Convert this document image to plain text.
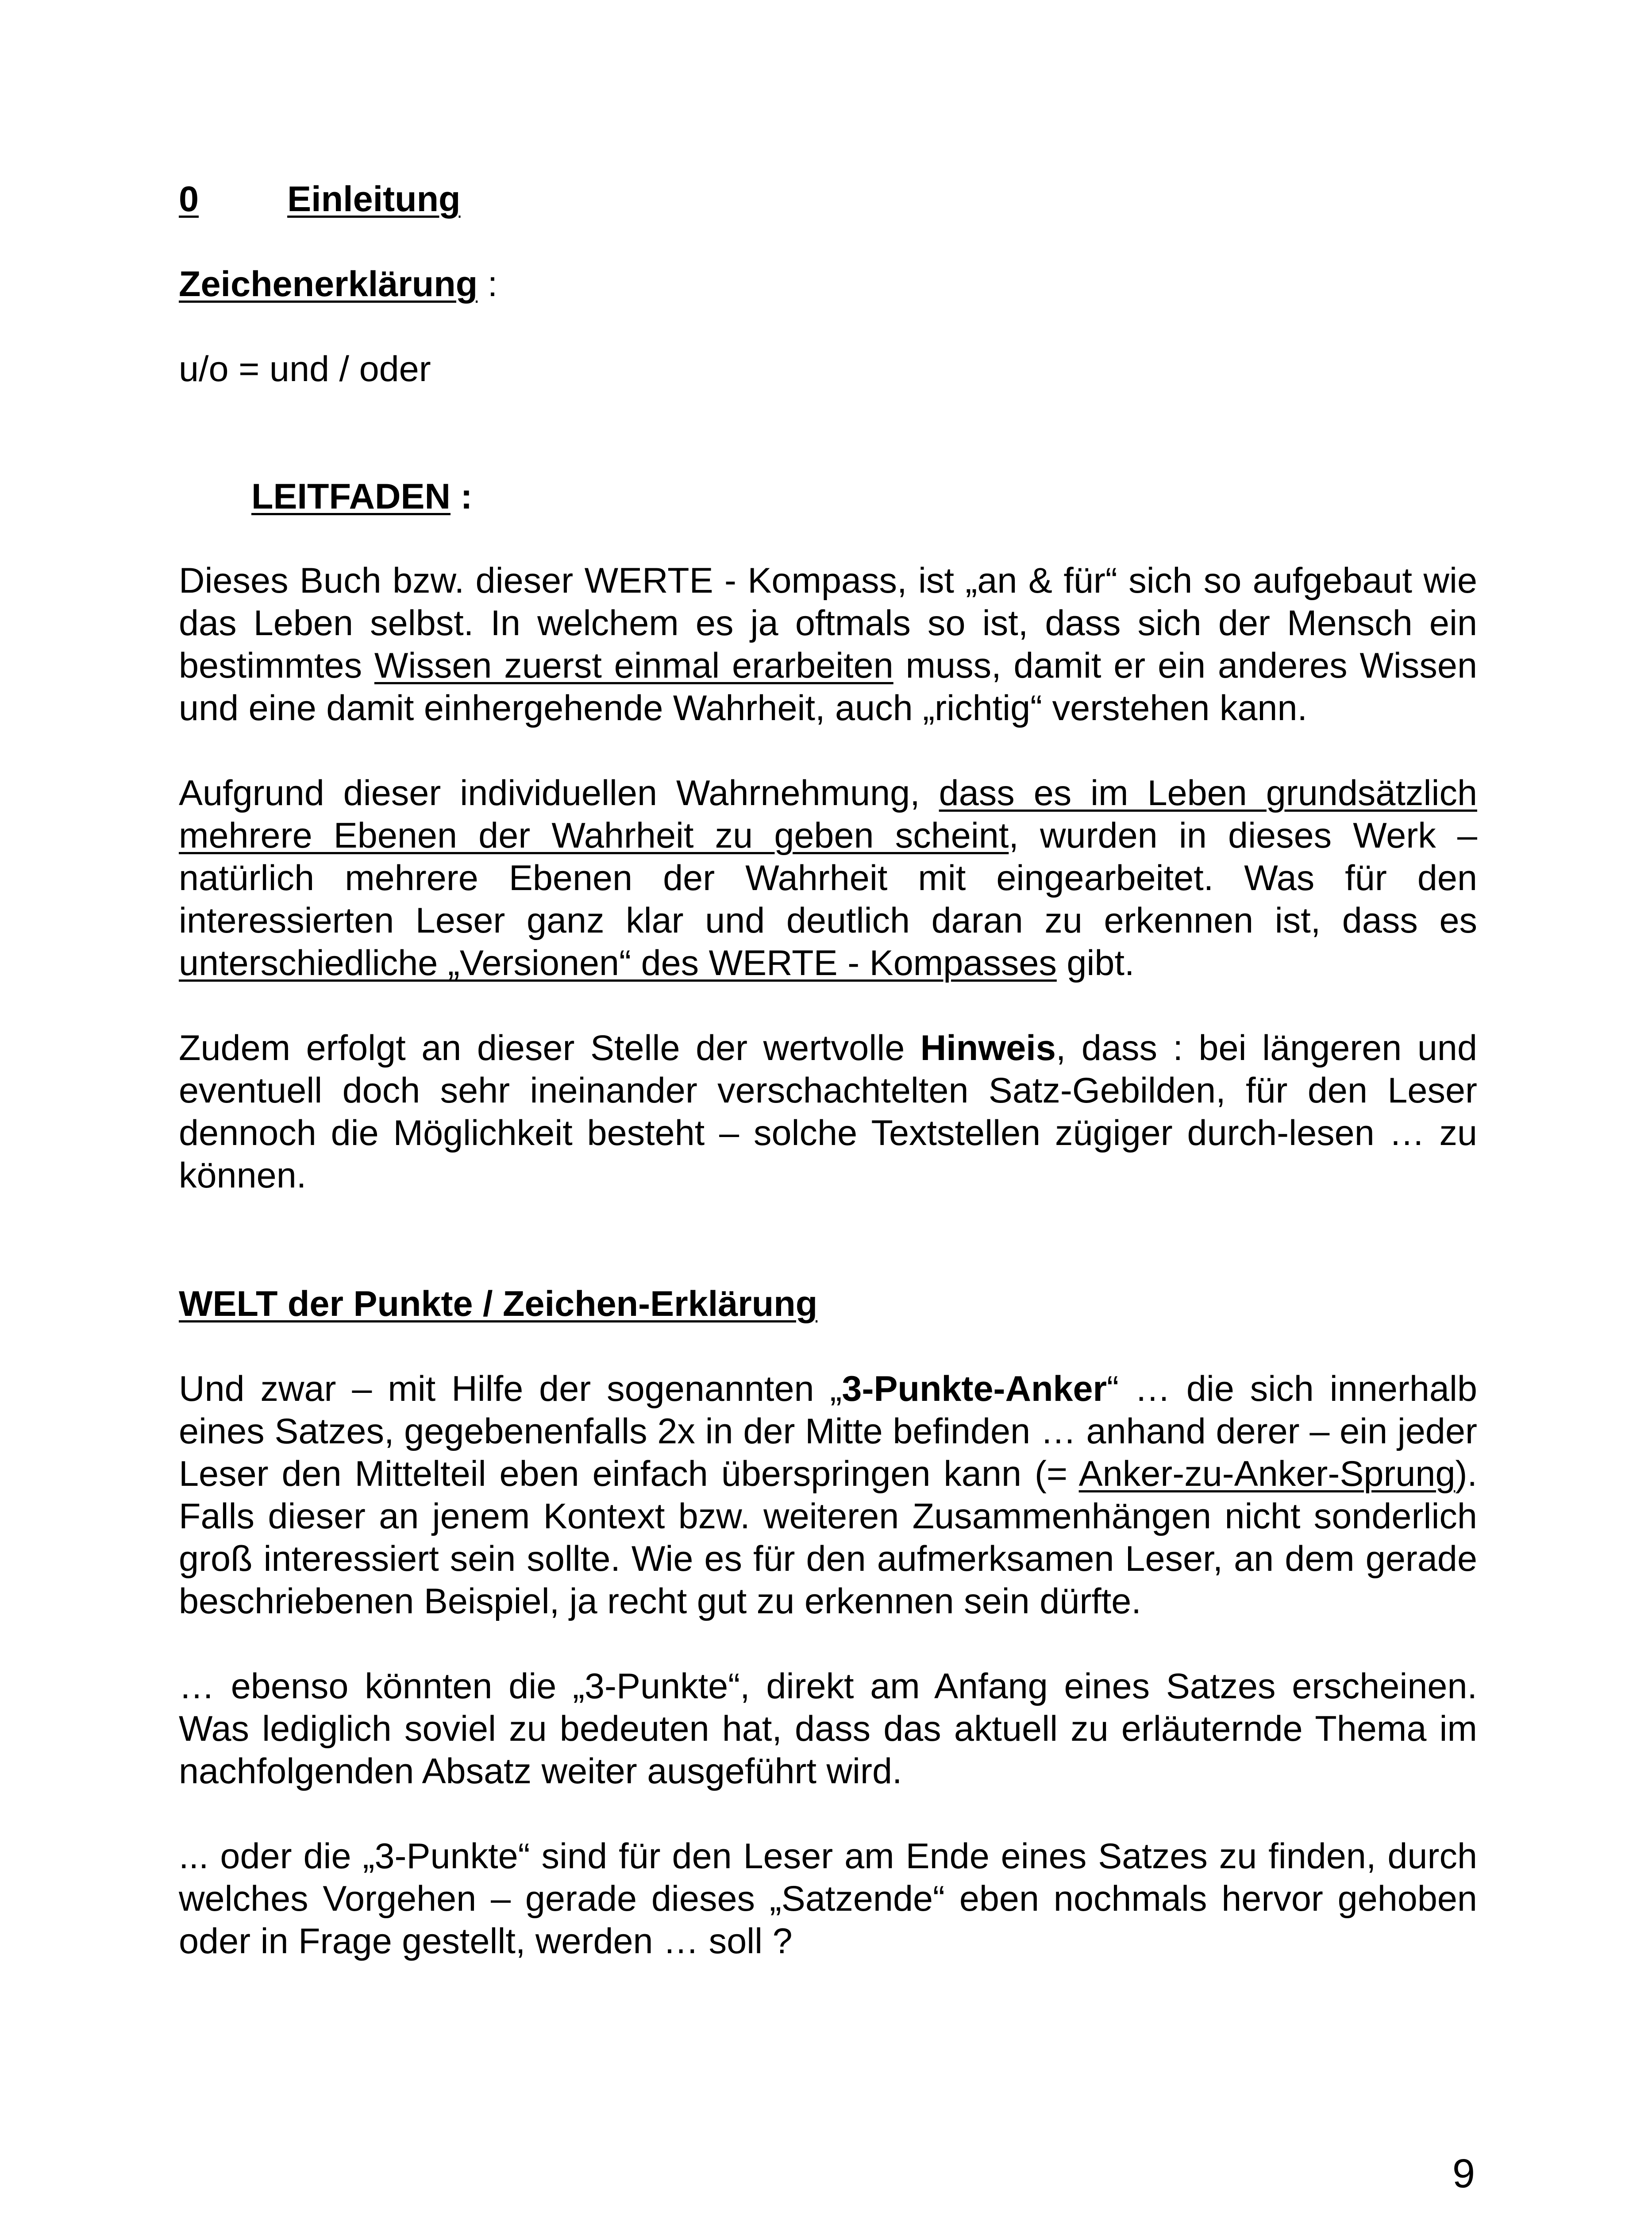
0 Einleitung

Zeichenerklärung :

u/o = und / oder

LEITFADEN :

Dieses Buch bzw. dieser WERTE - Kompass, ist „an & für“ sich so aufgebaut wie das Leben selbst. In welchem es ja oftmals so ist, dass sich der Mensch ein bestimmtes Wissen zuerst einmal erarbeiten muss, damit er ein anderes Wissen und eine damit einhergehende Wahrheit, auch „richtig“ verstehen kann.

Aufgrund dieser individuellen Wahrnehmung, dass es im Leben grundsätzlich mehrere Ebenen der Wahrheit zu geben scheint, wurden in dieses Werk – natürlich mehrere Ebenen der Wahrheit mit eingearbeitet. Was für den interessierten Leser ganz klar und deutlich daran zu erkennen ist, dass es unterschiedliche „Versionen“ des WERTE - Kompasses gibt.

Zudem erfolgt an dieser Stelle der wertvolle Hinweis, dass : bei längeren und eventuell doch sehr ineinander verschachtelten Satz-Gebilden, für den Leser dennoch die Möglichkeit besteht – solche Textstellen zügiger durch-lesen … zu können.

WELT der Punkte / Zeichen-Erklärung

Und zwar – mit Hilfe der sogenannten „3-Punkte-Anker“ … die sich innerhalb eines Satzes, gegebenenfalls 2x in der Mitte befinden … anhand derer – ein jeder Leser den Mittelteil eben einfach überspringen kann (= Anker-zu-Anker-Sprung). Falls dieser an jenem Kontext bzw. weiteren Zusammenhängen nicht sonderlich groß interessiert sein sollte. Wie es für den aufmerksamen Leser, an dem gerade beschriebenen Beispiel, ja recht gut zu erkennen sein dürfte.

… ebenso könnten die „3-Punkte“, direkt am Anfang eines Satzes erscheinen. Was lediglich soviel zu bedeuten hat, dass das aktuell zu erläuternde Thema im nachfolgenden Absatz weiter ausgeführt wird.

... oder die „3-Punkte“ sind für den Leser am Ende eines Satzes zu finden, durch welches Vorgehen – gerade dieses „Satzende“ eben nochmals hervor gehoben oder in Frage gestellt, werden … soll ?

9
